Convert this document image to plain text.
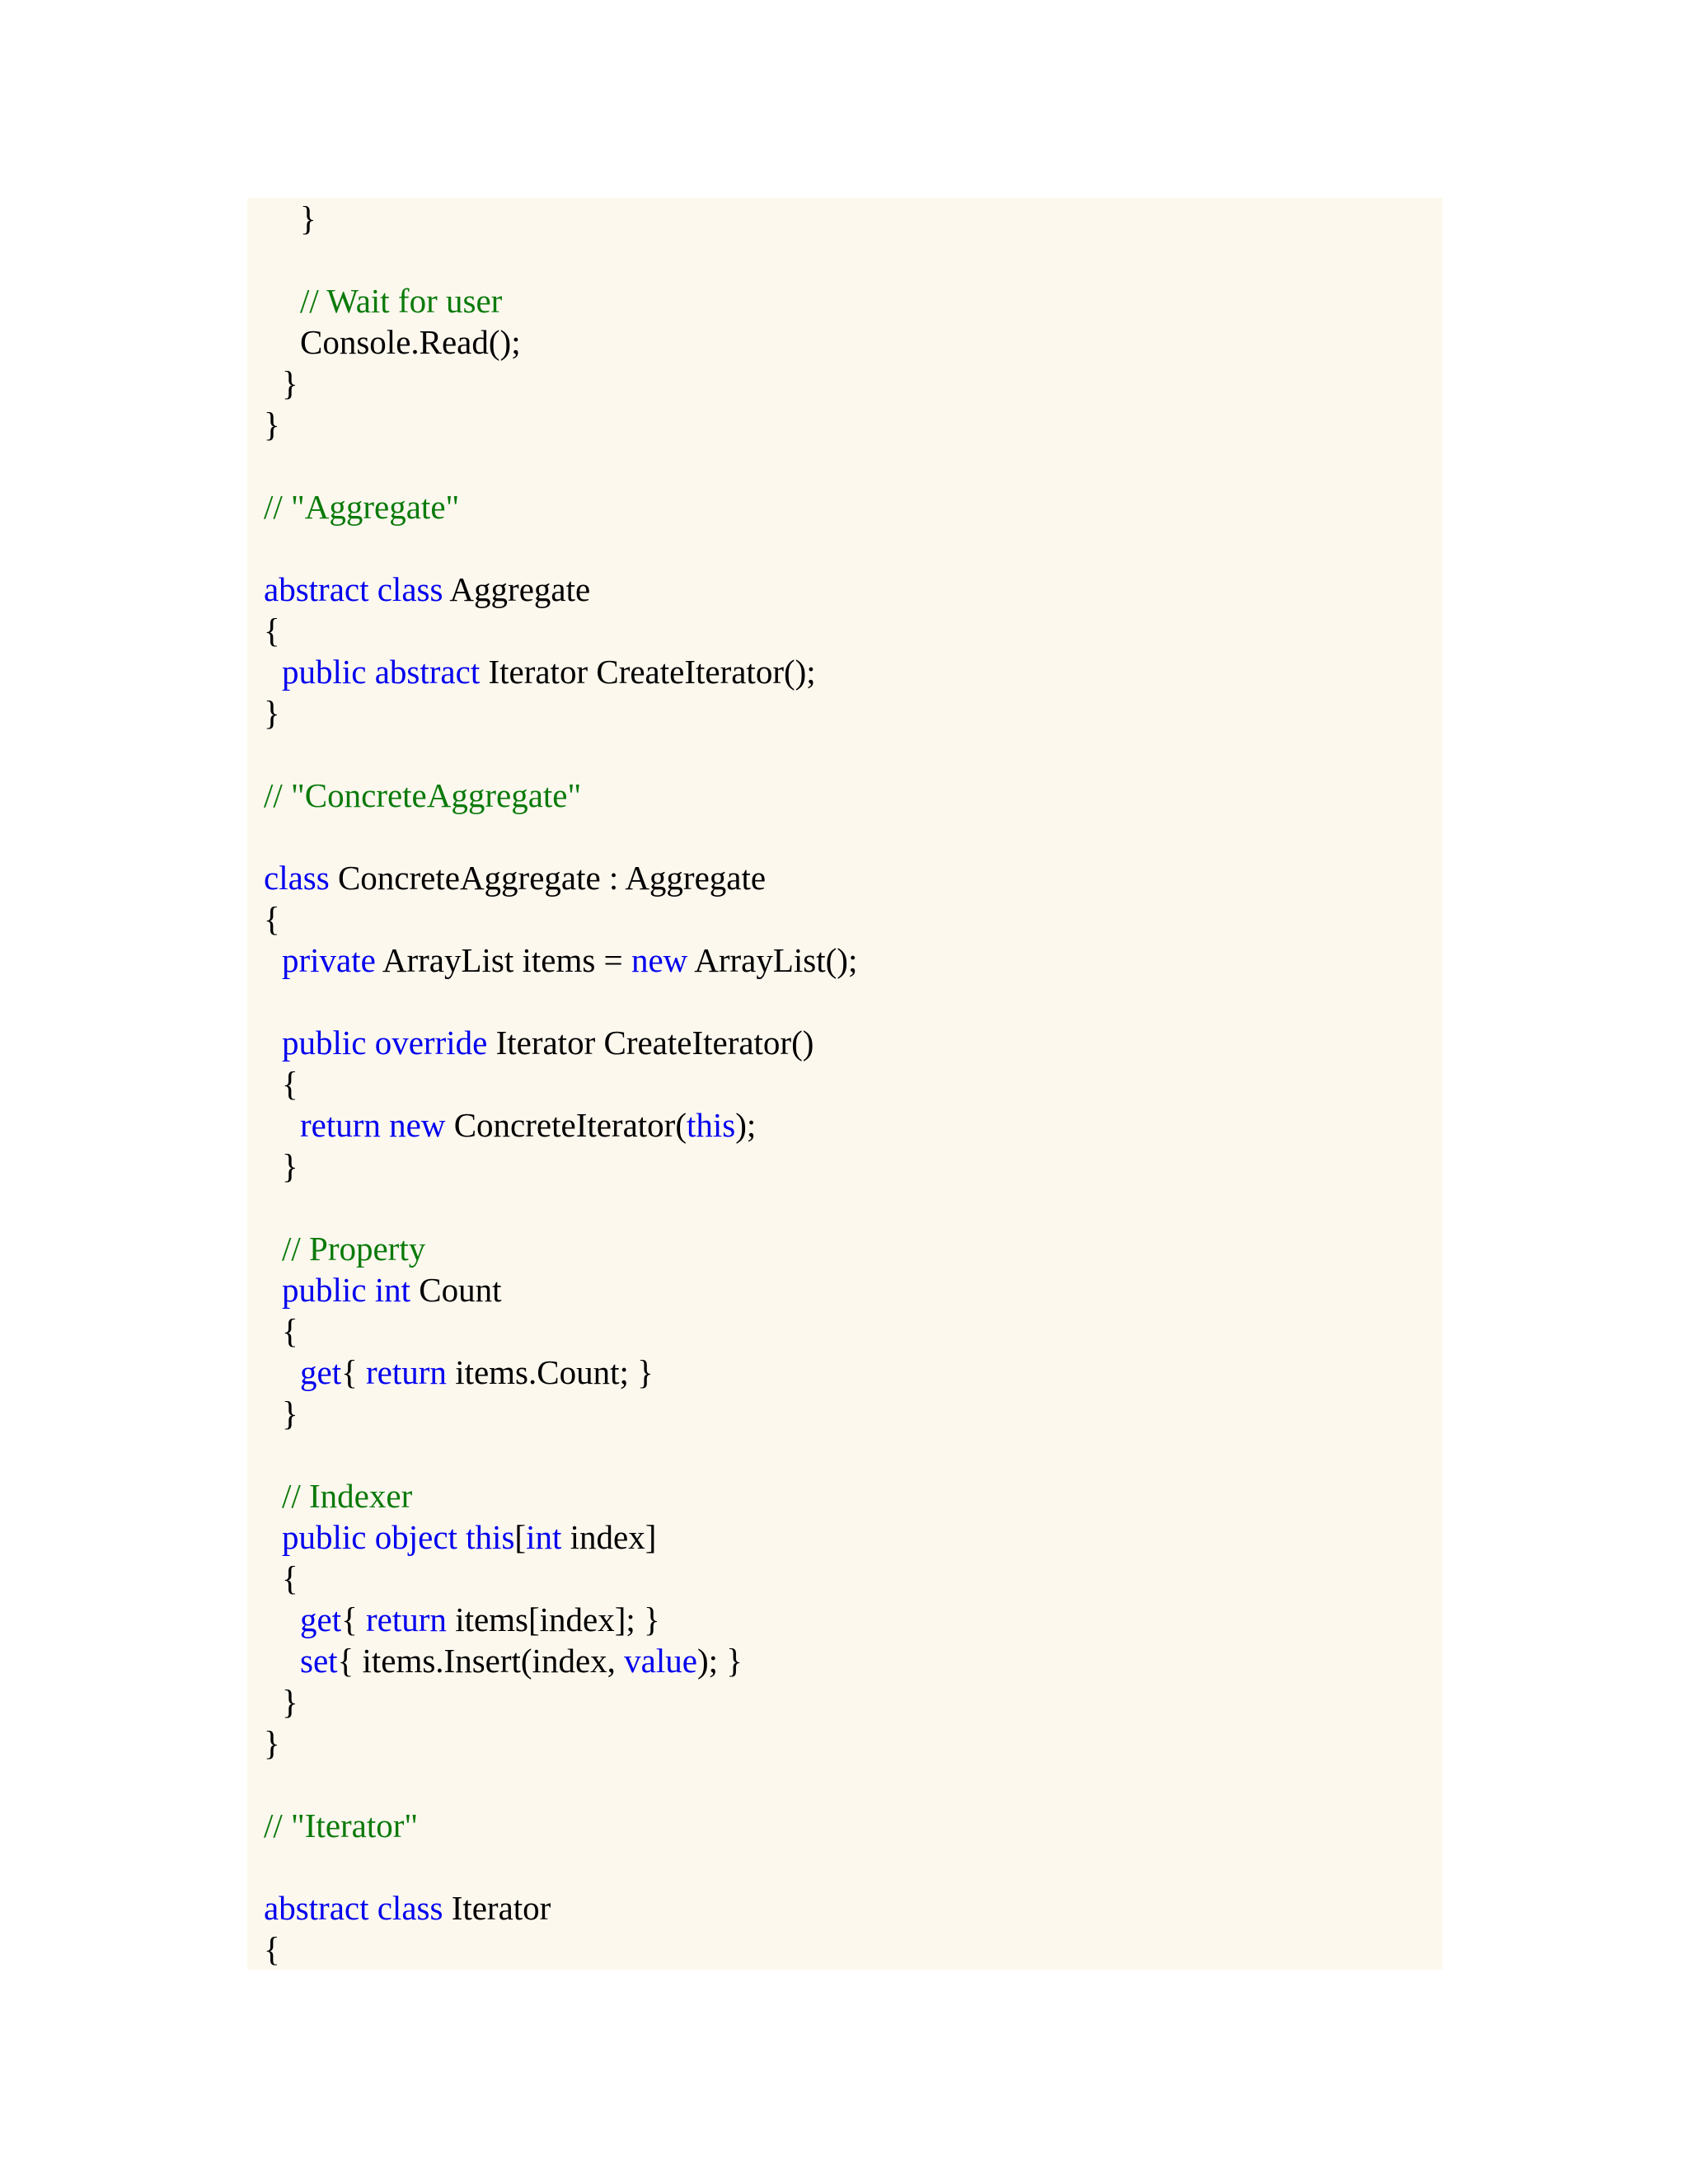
}
// Wait for user
Console.Read();
}
}
// "Aggregate"
abstract class Aggregate
{
public abstract Iterator CreateIterator();
}
// "ConcreteAggregate"
class ConcreteAggregate : Aggregate
{
private ArrayList items = new ArrayList();
public override Iterator CreateIterator()
{
return new ConcreteIterator(this);
}
// Property
public int Count
{
get{ return items.Count; }
}
// Indexer
public object this[int index]
{
get{ return items[index]; }
set{ items.Insert(index, value); }
}
}
// "Iterator"
abstract class Iterator
{
